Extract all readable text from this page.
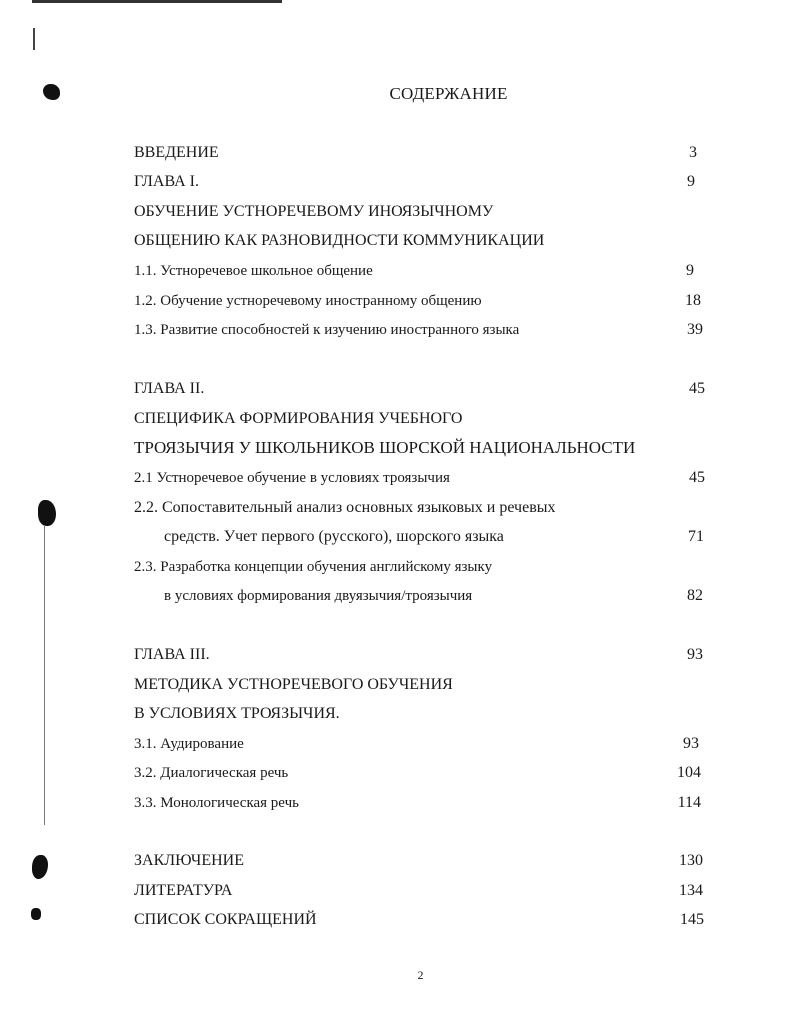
СОДЕРЖАНИЕ
ВВЕДЕНИЕ	3
ГЛАВА I.	9
ОБУЧЕНИЕ УСТНОРЕЧЕВОМУ ИНОЯЗЫЧНОМУ
ОБЩЕНИЮ КАК РАЗНОВИДНОСТИ КОММУНИКАЦИИ
1.1. Устноречевое школьное общение	9
1.2. Обучение устноречевому иностранному общению	18
1.3. Развитие способностей к изучению иностранного языка	39
ГЛАВА II.	45
СПЕЦИФИКА ФОРМИРОВАНИЯ УЧЕБНОГО
ТРОЯЗЫЧИЯ У ШКОЛЬНИКОВ ШОРСКОЙ НАЦИОНАЛЬНОСТИ
2.1 Устноречевое обучение в условиях троязычия	45
2.2. Сопоставительный анализ основных языковых и речевых
средств. Учет первого (русского), шорского языка	71
2.3. Разработка концепции обучения английскому языку
в условиях формирования двуязычия/троязычия	82
ГЛАВА III.	93
МЕТОДИКА УСТНОРЕЧЕВОГО ОБУЧЕНИЯ
В УСЛОВИЯХ ТРОЯЗЫЧИЯ.
3.1. Аудирование	93
3.2. Диалогическая речь	104
3.3. Монологическая речь	114
ЗАКЛЮЧЕНИЕ	130
ЛИТЕРАТУРА	134
СПИСОК СОКРАЩЕНИЙ	145
2
